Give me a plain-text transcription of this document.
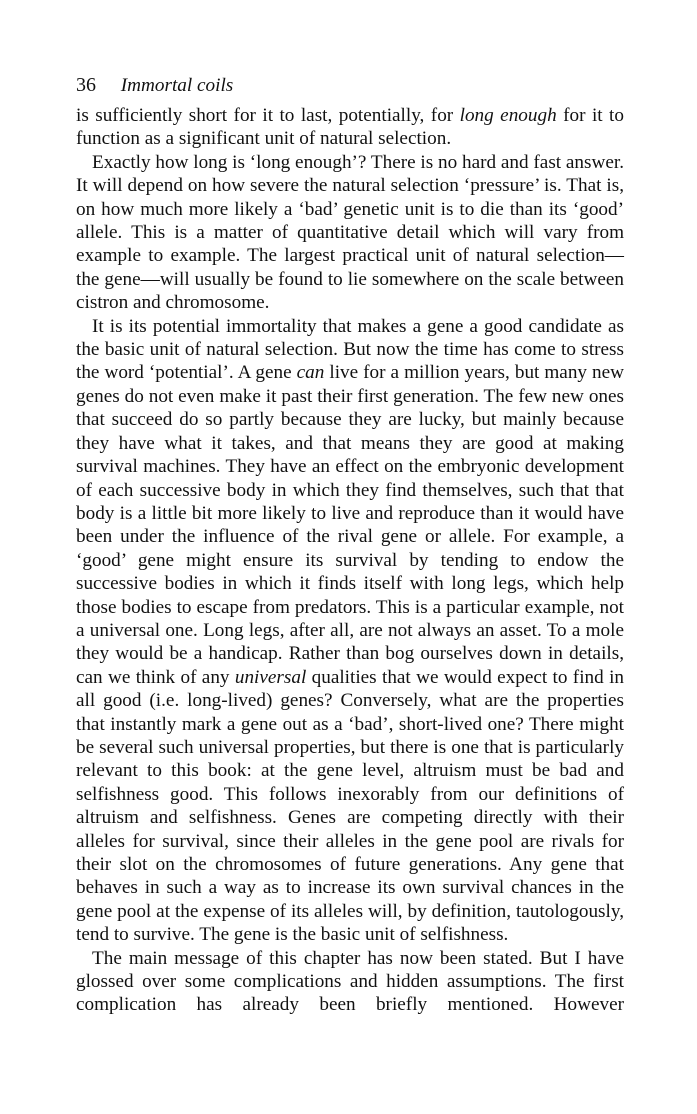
36 Immortal coils

is sufficiently short for it to last, potentially, for long enough for it to function as a significant unit of natural selection.

Exactly how long is ‘long enough’? There is no hard and fast answer. It will depend on how severe the natural selection ‘pressure’ is. That is, on how much more likely a ‘bad’ genetic unit is to die than its ‘good’ allele. This is a matter of quantitative detail which will vary from example to example. The largest practical unit of natural selection—the gene—will usually be found to lie somewhere on the scale between cistron and chromosome.

It is its potential immortality that makes a gene a good candidate as the basic unit of natural selection. But now the time has come to stress the word ‘potential’. A gene can live for a million years, but many new genes do not even make it past their first generation. The few new ones that succeed do so partly because they are lucky, but mainly because they have what it takes, and that means they are good at making survival machines. They have an effect on the embryonic development of each successive body in which they find themselves, such that that body is a little bit more likely to live and reproduce than it would have been under the influence of the rival gene or allele. For example, a ‘good’ gene might ensure its survival by tending to endow the successive bodies in which it finds itself with long legs, which help those bodies to escape from predators. This is a particular example, not a universal one. Long legs, after all, are not always an asset. To a mole they would be a handicap. Rather than bog ourselves down in details, can we think of any universal qualities that we would expect to find in all good (i.e. long-lived) genes? Conversely, what are the properties that instantly mark a gene out as a ‘bad’, short-lived one? There might be several such universal properties, but there is one that is particularly relevant to this book: at the gene level, altruism must be bad and selfishness good. This follows inexorably from our definitions of altruism and selfishness. Genes are competing directly with their alleles for survival, since their alleles in the gene pool are rivals for their slot on the chromosomes of future generations. Any gene that behaves in such a way as to increase its own survival chances in the gene pool at the expense of its alleles will, by definition, tautologously, tend to survive. The gene is the basic unit of selfishness.

The main message of this chapter has now been stated. But I have glossed over some complications and hidden assumptions. The first complication has already been briefly mentioned. However
